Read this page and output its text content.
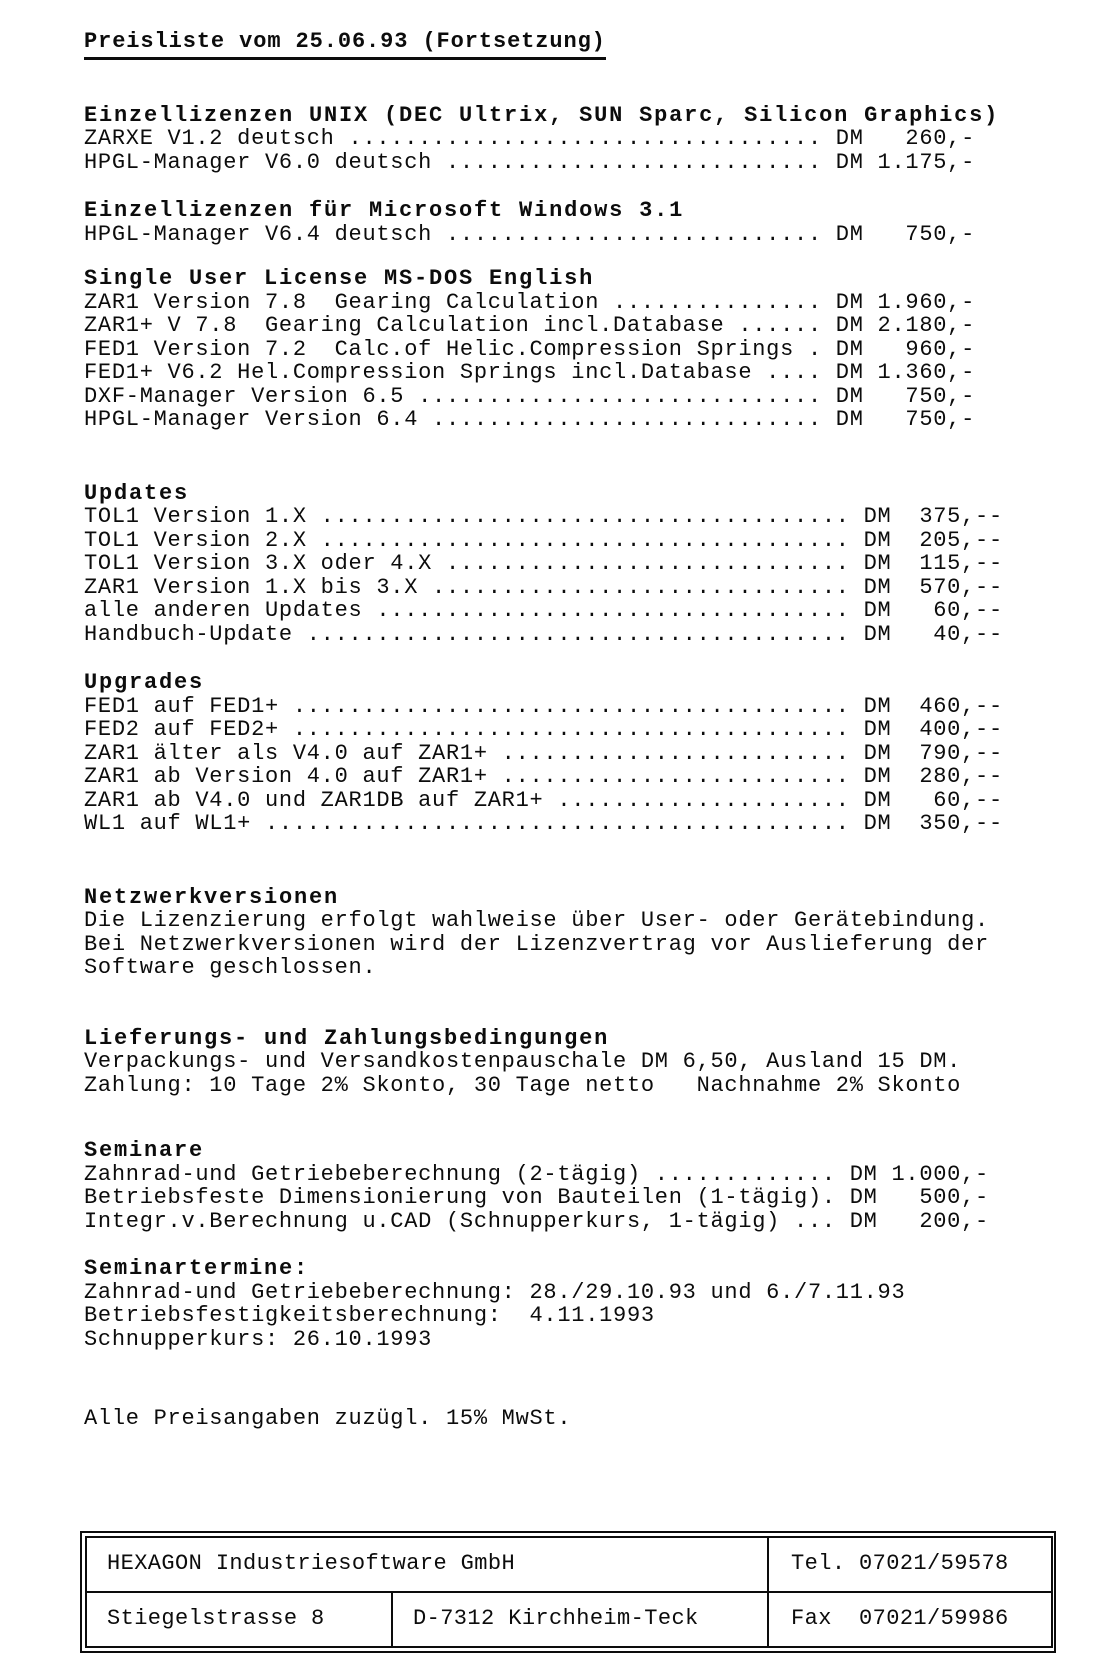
Preisliste vom 25.06.93 (Fortsetzung)
Einzellizenzen UNIX (DEC Ultrix, SUN Sparc, Silicon Graphics)
ZARXE V1.2 deutsch .................................. DM   260,-
HPGL-Manager V6.0 deutsch ........................... DM 1.175,-
Einzellizenzen für Microsoft Windows 3.1
HPGL-Manager V6.4 deutsch ........................... DM   750,-
Single User License MS-DOS English
ZAR1 Version 7.8  Gearing Calculation ............... DM 1.960,-
ZAR1+ V 7.8  Gearing Calculation incl.Database ...... DM 2.180,-
FED1 Version 7.2  Calc.of Helic.Compression Springs . DM   960,-
FED1+ V6.2 Hel.Compression Springs incl.Database .... DM 1.360,-
DXF-Manager Version 6.5 ............................. DM   750,-
HPGL-Manager Version 6.4 ............................ DM   750,-
Updates
TOL1 Version 1.X ...................................... DM  375,--
TOL1 Version 2.X ...................................... DM  205,--
TOL1 Version 3.X oder 4.X ............................. DM  115,--
ZAR1 Version 1.X bis 3.X .............................. DM  570,--
alle anderen Updates .................................. DM   60,--
Handbuch-Update ....................................... DM   40,--
Upgrades
FED1 auf FED1+ ........................................ DM  460,--
FED2 auf FED2+ ........................................ DM  400,--
ZAR1 älter als V4.0 auf ZAR1+ ......................... DM  790,--
ZAR1 ab Version 4.0 auf ZAR1+ ......................... DM  280,--
ZAR1 ab V4.0 und ZAR1DB auf ZAR1+ ..................... DM   60,--
WL1 auf WL1+ .......................................... DM  350,--
Netzwerkversionen
Die Lizenzierung erfolgt wahlweise über User- oder Gerätebindung.
Bei Netzwerkversionen wird der Lizenzvertrag vor Auslieferung der
Software geschlossen.
Lieferungs- und Zahlungsbedingungen
Verpackungs- und Versandkostenpauschale DM 6,50, Ausland 15 DM.
Zahlung: 10 Tage 2% Skonto, 30 Tage netto   Nachnahme 2% Skonto
Seminare
Zahnrad-und Getriebeberechnung (2-tägig) ............. DM 1.000,-
Betriebsfeste Dimensionierung von Bauteilen (1-tägig). DM   500,-
Integr.v.Berechnung u.CAD (Schnupperkurs, 1-tägig) ... DM   200,-
Seminartermine:
Zahnrad-und Getriebeberechnung: 28./29.10.93 und 6./7.11.93
Betriebsfestigkeitsberechnung:  4.11.1993
Schnupperkurs: 26.10.1993
Alle Preisangaben zuzügl. 15% MwSt.
HEXAGON Industriesoftware GmbH		Tel. 07021/59578
Stiegelstrasse 8	D-7312 Kirchheim-Teck	Fax  07021/59986
